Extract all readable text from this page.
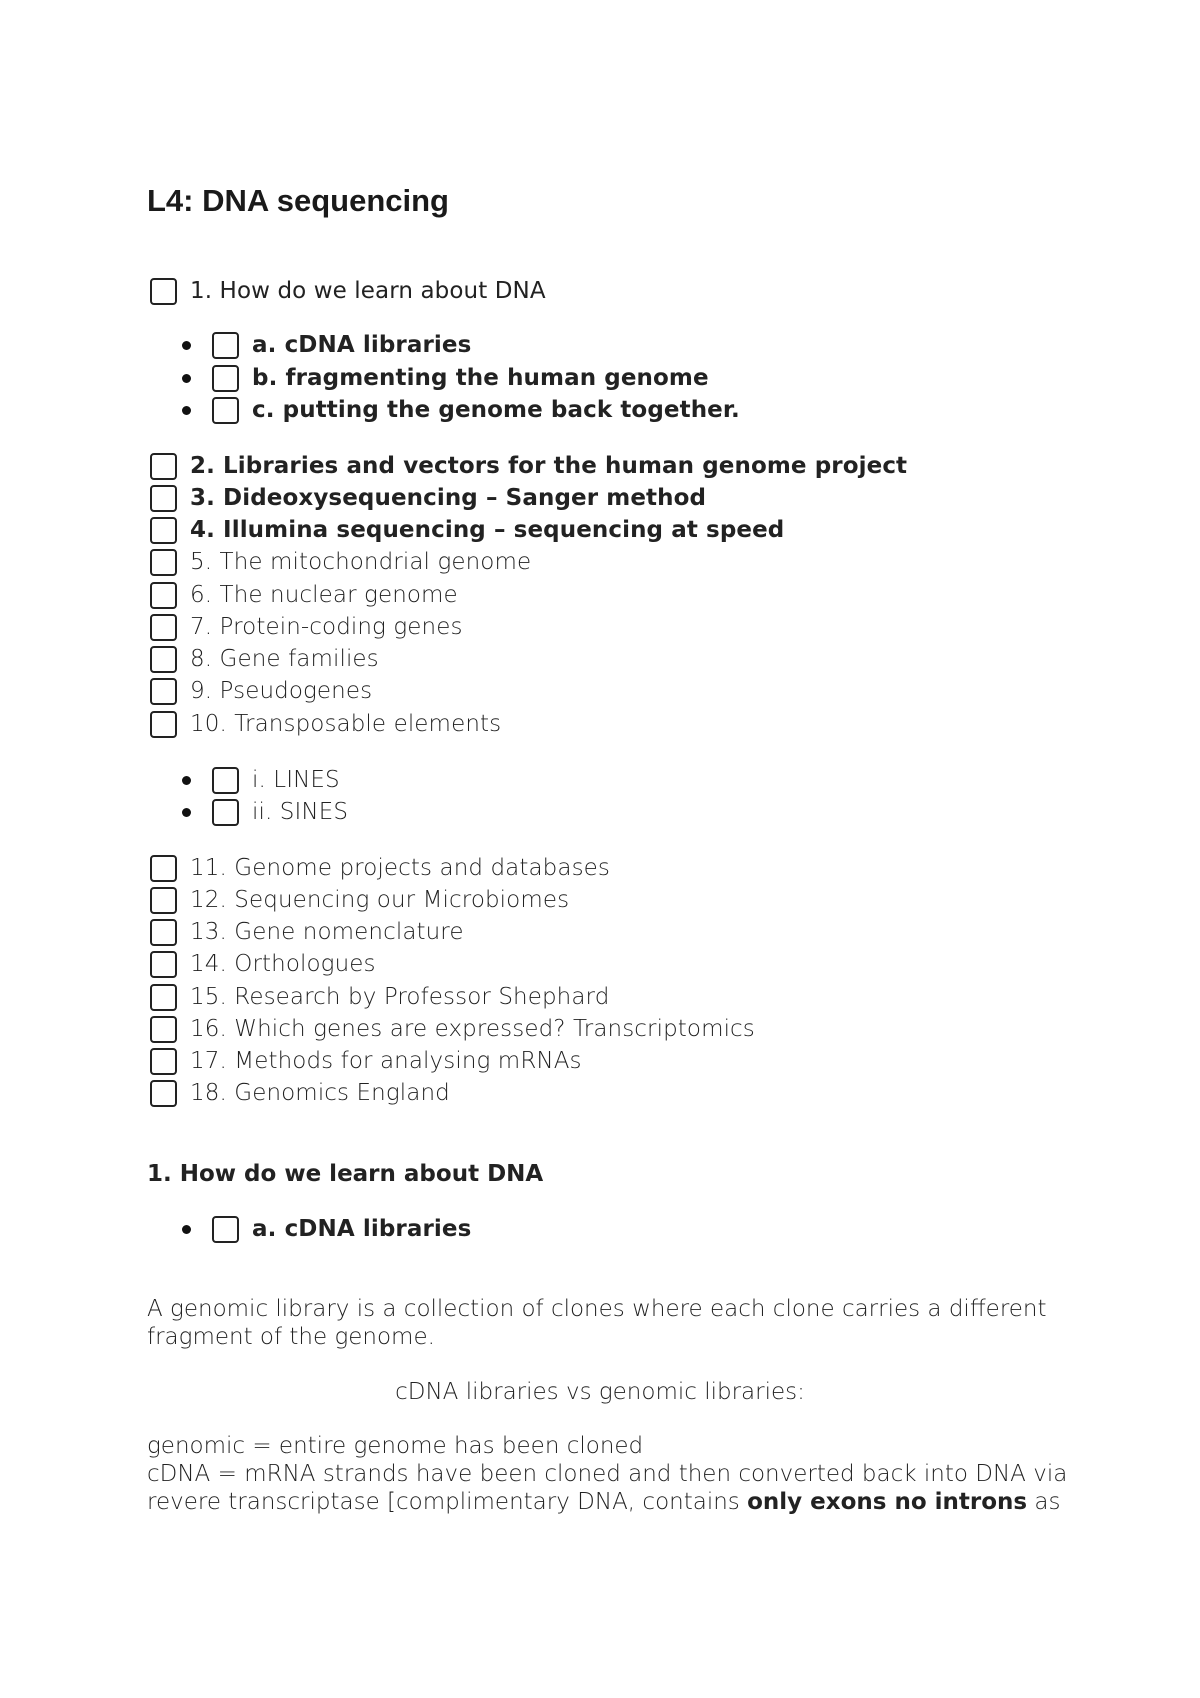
L4: DNA sequencing
1. How do we learn about DNA
a. cDNA libraries
b. fragmenting the human genome
c. putting the genome back together.
2. Libraries and vectors for the human genome project
3. Dideoxysequencing – Sanger method
4. Illumina sequencing – sequencing at speed
5. The mitochondrial genome
6. The nuclear genome
7. Protein-coding genes
8. Gene families
9. Pseudogenes
10. Transposable elements
i. LINES
ii. SINES
11. Genome projects and databases
12. Sequencing our Microbiomes
13. Gene nomenclature
14. Orthologues
15. Research by Professor Shephard
16. Which genes are expressed? Transcriptomics
17. Methods for analysing mRNAs
18. Genomics England
1. How do we learn about DNA
a. cDNA libraries

A genomic library is a collection of clones where each clone carries a different fragment of the genome.

cDNA libraries vs genomic libraries:

genomic = entire genome has been cloned
cDNA = mRNA strands have been cloned and then converted back into DNA via
revere transcriptase [complimentary DNA, contains only exons no introns as
